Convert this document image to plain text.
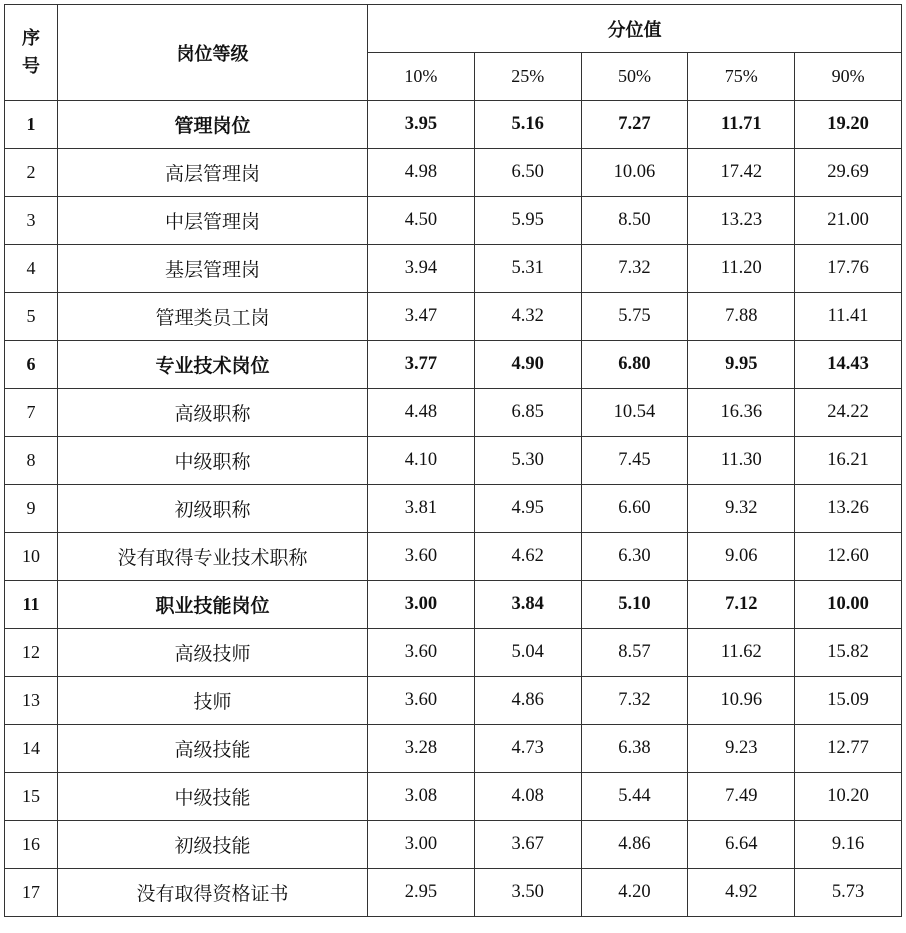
序号	岗位等级	分位值				
		10%	25%	50%	75%	90%
1	管理岗位	3.95	5.16	7.27	11.71	19.20
2	高层管理岗	4.98	6.50	10.06	17.42	29.69
3	中层管理岗	4.50	5.95	8.50	13.23	21.00
4	基层管理岗	3.94	5.31	7.32	11.20	17.76
5	管理类员工岗	3.47	4.32	5.75	7.88	11.41
6	专业技术岗位	3.77	4.90	6.80	9.95	14.43
7	高级职称	4.48	6.85	10.54	16.36	24.22
8	中级职称	4.10	5.30	7.45	11.30	16.21
9	初级职称	3.81	4.95	6.60	9.32	13.26
10	没有取得专业技术职称	3.60	4.62	6.30	9.06	12.60
11	职业技能岗位	3.00	3.84	5.10	7.12	10.00
12	高级技师	3.60	5.04	8.57	11.62	15.82
13	技师	3.60	4.86	7.32	10.96	15.09
14	高级技能	3.28	4.73	6.38	9.23	12.77
15	中级技能	3.08	4.08	5.44	7.49	10.20
16	初级技能	3.00	3.67	4.86	6.64	9.16
17	没有取得资格证书	2.95	3.50	4.20	4.92	5.73
